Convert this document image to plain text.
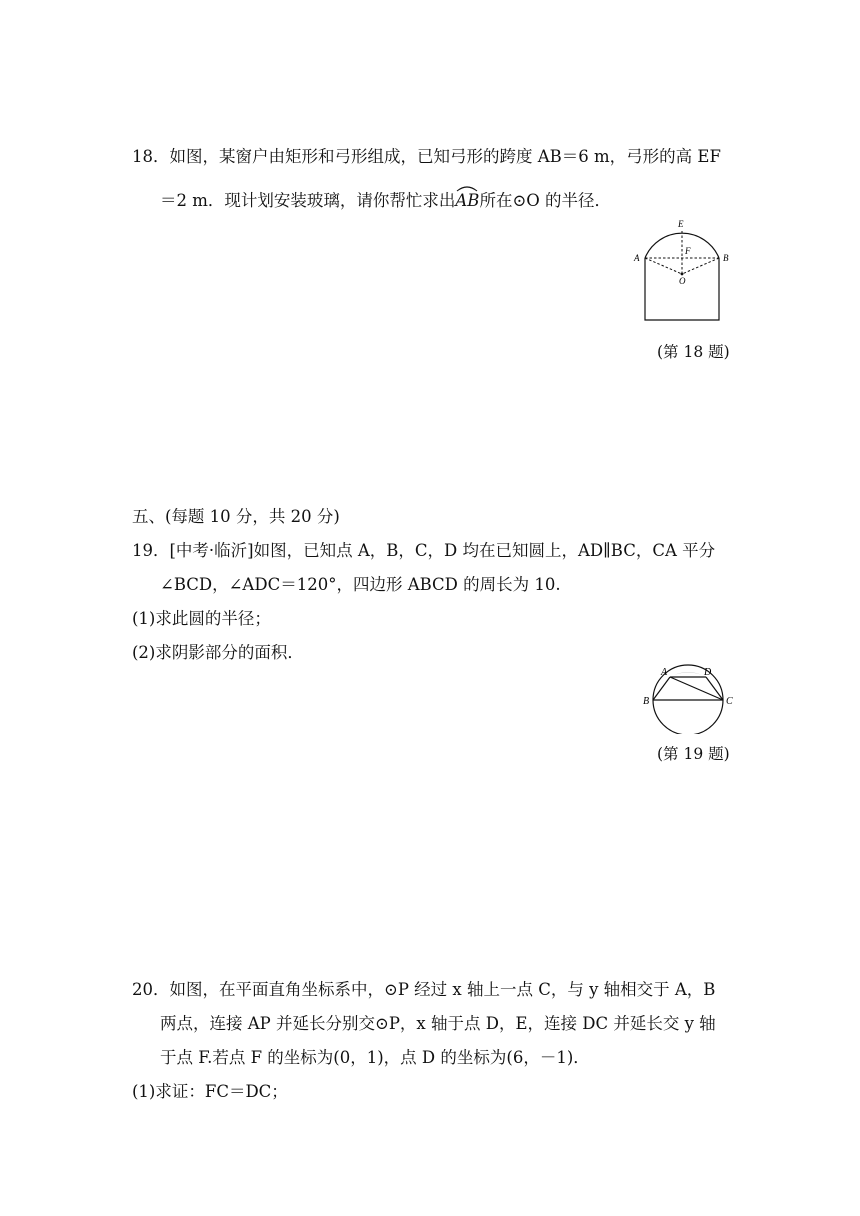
18．如图，某窗户由矩形和弓形组成，已知弓形的跨度 AB＝6 m，弓形的高 EF
＝2 m．现计划安装玻璃，请你帮忙求出
AB所在⊙O 的半径．
E
F
A	B
O
(第 18 题)
五、(每题 10 分，共 20 分)
19．[中考·临沂]如图，已知点 A，B，C，D 均在已知圆上，AD∥BC，CA 平分
∠BCD，∠ADC＝120°，四边形 ABCD 的周长为 10.
(1)求此圆的半径；
(2)求阴影部分的面积．
A	D
B	C
(第 19 题)
20．如图，在平面直角坐标系中，⊙P 经过 x 轴上一点 C，与 y 轴相交于 A，B
两点，连接 AP 并延长分别交⊙P，x 轴于点 D，E，连接 DC 并延长交 y 轴
于点 F.若点 F 的坐标为(0，1)，点 D 的坐标为(6，－1)．
(1)求证：FC＝DC；
